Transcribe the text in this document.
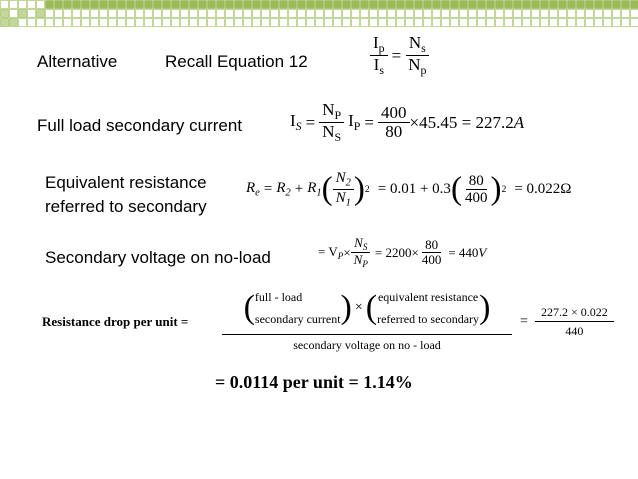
Alternative	Recall Equation 12	$\frac{I_p}{I_s} = \frac{N_s}{N_p}$
Full load secondary current	$I_S = \frac{N_P}{N_S} I_P = \frac{400}{80} \times 45.45 = 227.2$ A
Equivalent resistance
referred to secondary
$R_e = R_2 + R_1$ ( $\frac{N_2}{N_1}$ ) 2 = 0.01 + 0.3 ( $\frac{80}{400}$ ) 2 = 0.022Ω
Secondary voltage on no-load	= $V_P \times \frac{N_S}{N_P} = 2200\times \frac{80}{400} = 440$ V
Resistance drop per unit = ( full - load
secondary current ) × ( equivalent resistance
referred to secondary )
secondary voltage on no - load
= $\frac{227.2 \times 0.022}{440}$
= 0.0114 per unit = 1.14%
